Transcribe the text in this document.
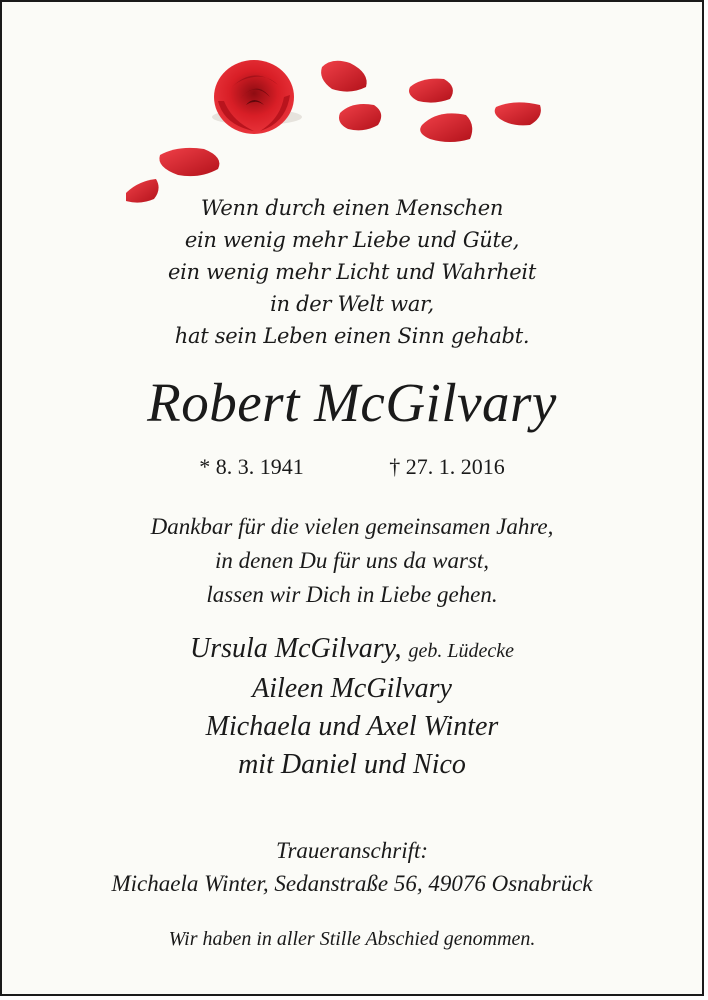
Wenn durch einen Menschen
ein wenig mehr Liebe und Güte,
ein wenig mehr Licht und Wahrheit
in der Welt war,
hat sein Leben einen Sinn gehabt.
Robert McGilvary
* 8. 3. 1941	† 27. 1. 2016
Dankbar für die vielen gemeinsamen Jahre,
in denen Du für uns da warst,
lassen wir Dich in Liebe gehen.
Ursula McGilvary, geb. Lüdecke
Aileen McGilvary
Michaela und Axel Winter
mit Daniel und Nico
Traueranschrift:
Michaela Winter, Sedanstraße 56, 49076 Osnabrück
Wir haben in aller Stille Abschied genommen.
